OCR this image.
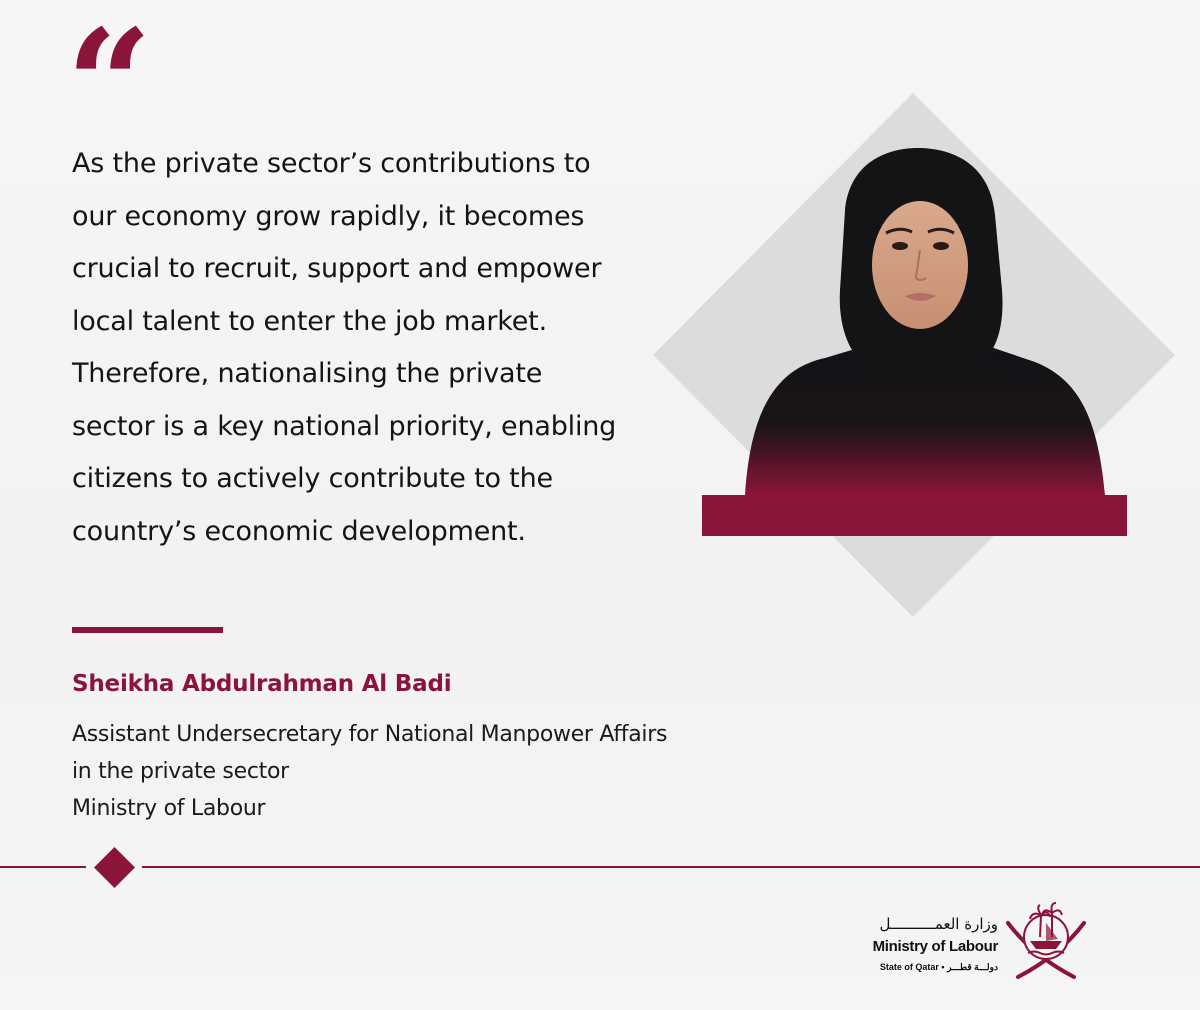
“

As the private sector’s contributions to
our economy grow rapidly, it becomes
crucial to recruit, support and empower
local talent to enter the job market.
Therefore, nationalising the private
sector is a key national priority, enabling
citizens to actively contribute to the
country’s economic development.

Sheikha Abdulrahman Al Badi
Assistant Undersecretary for National Manpower Affairs
in the private sector
Ministry of Labour
وزارة العمــــــــــل
Ministry of Labour
State of Qatar • دولـــة قطـــر
